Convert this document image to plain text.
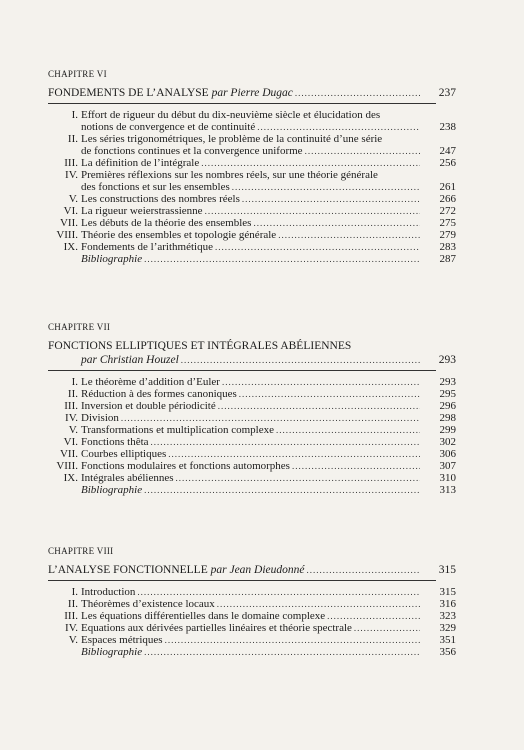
CHAPITRE VI
FONDEMENTS DE L’ANALYSE par Pierre Dugac .....	237
I. Effort de rigueur du début du dix-neuvième siècle et élucidation des
notions de convergence et de continuité .....	238
II. Les séries trigonométriques, le problème de la continuité d’une série
de fonctions continues et la convergence uniforme .....	247
III. La définition de l’intégrale .....	256
IV. Premières réflexions sur les nombres réels, sur une théorie générale
des fonctions et sur les ensembles .....	261
V. Les constructions des nombres réels .....	266
VI. La rigueur weierstrassienne .....	272
VII. Les débuts de la théorie des ensembles .....	275
VIII. Théorie des ensembles et topologie générale .....	279
IX. Fondements de l’arithmétique .....	283
Bibliographie .....	287
CHAPITRE VII
FONCTIONS ELLIPTIQUES ET INTÉGRALES ABÉLIENNES
par Christian Houzel .....	293
I. Le théorème d’addition d’Euler .....	293
II. Réduction à des formes canoniques .....	295
III. Inversion et double périodicité .....	296
IV. Division .....	298
V. Transformations et multiplication complexe .....	299
VI. Fonctions thêta .....	302
VII. Courbes elliptiques .....	306
VIII. Fonctions modulaires et fonctions automorphes .....	307
IX. Intégrales abéliennes .....	310
Bibliographie .....	313
CHAPITRE VIII
L’ANALYSE FONCTIONNELLE par Jean Dieudonné .....	315
I. Introduction .....	315
II. Théorèmes d’existence locaux .....	316
III. Les équations différentielles dans le domaine complexe .....	323
IV. Equations aux dérivées partielles linéaires et théorie spectrale .....	329
V. Espaces métriques .....	351
Bibliographie .....	356
